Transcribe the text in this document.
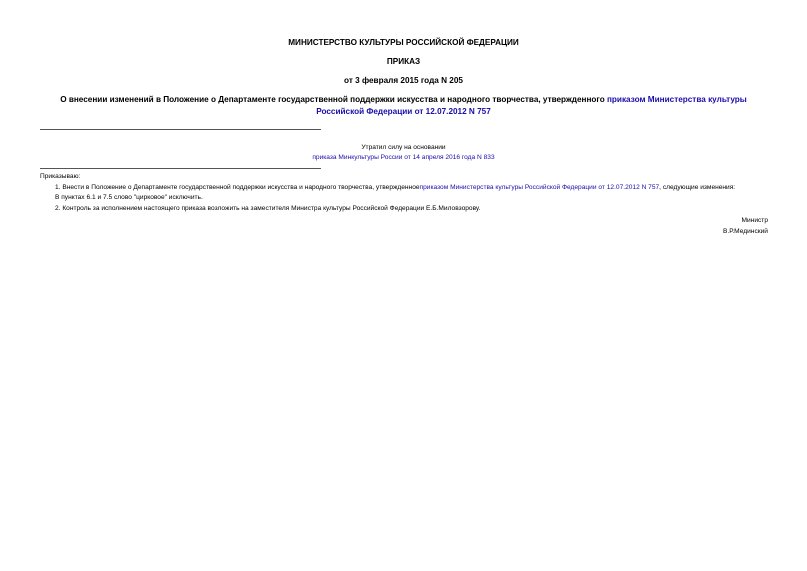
МИНИСТЕРСТВО КУЛЬТУРЫ РОССИЙСКОЙ ФЕДЕРАЦИИ
ПРИКАЗ
от 3 февраля 2015 года N 205
О внесении изменений в Положение о Департаменте государственной поддержки искусства и народного творчества, утвержденного приказом Министерства культуры Российской Федерации от 12.07.2012 N 757
Утратил силу на основании
приказа Минкультуры России от 14 апреля 2016 года N 833
Приказываю:
1. Внести в Положение о Департаменте государственной поддержки искусства и народного творчества, утвержденноеприказом Министерства культуры Российской Федерации от 12.07.2012 N 757, следующие изменения:
В пунктах 6.1 и 7.5 слово "цирковое" исключить.
2. Контроль за исполнением настоящего приказа возложить на заместителя Министра культуры Российской Федерации Е.Б.Миловзорову.
Министр
В.Р.Мединский
